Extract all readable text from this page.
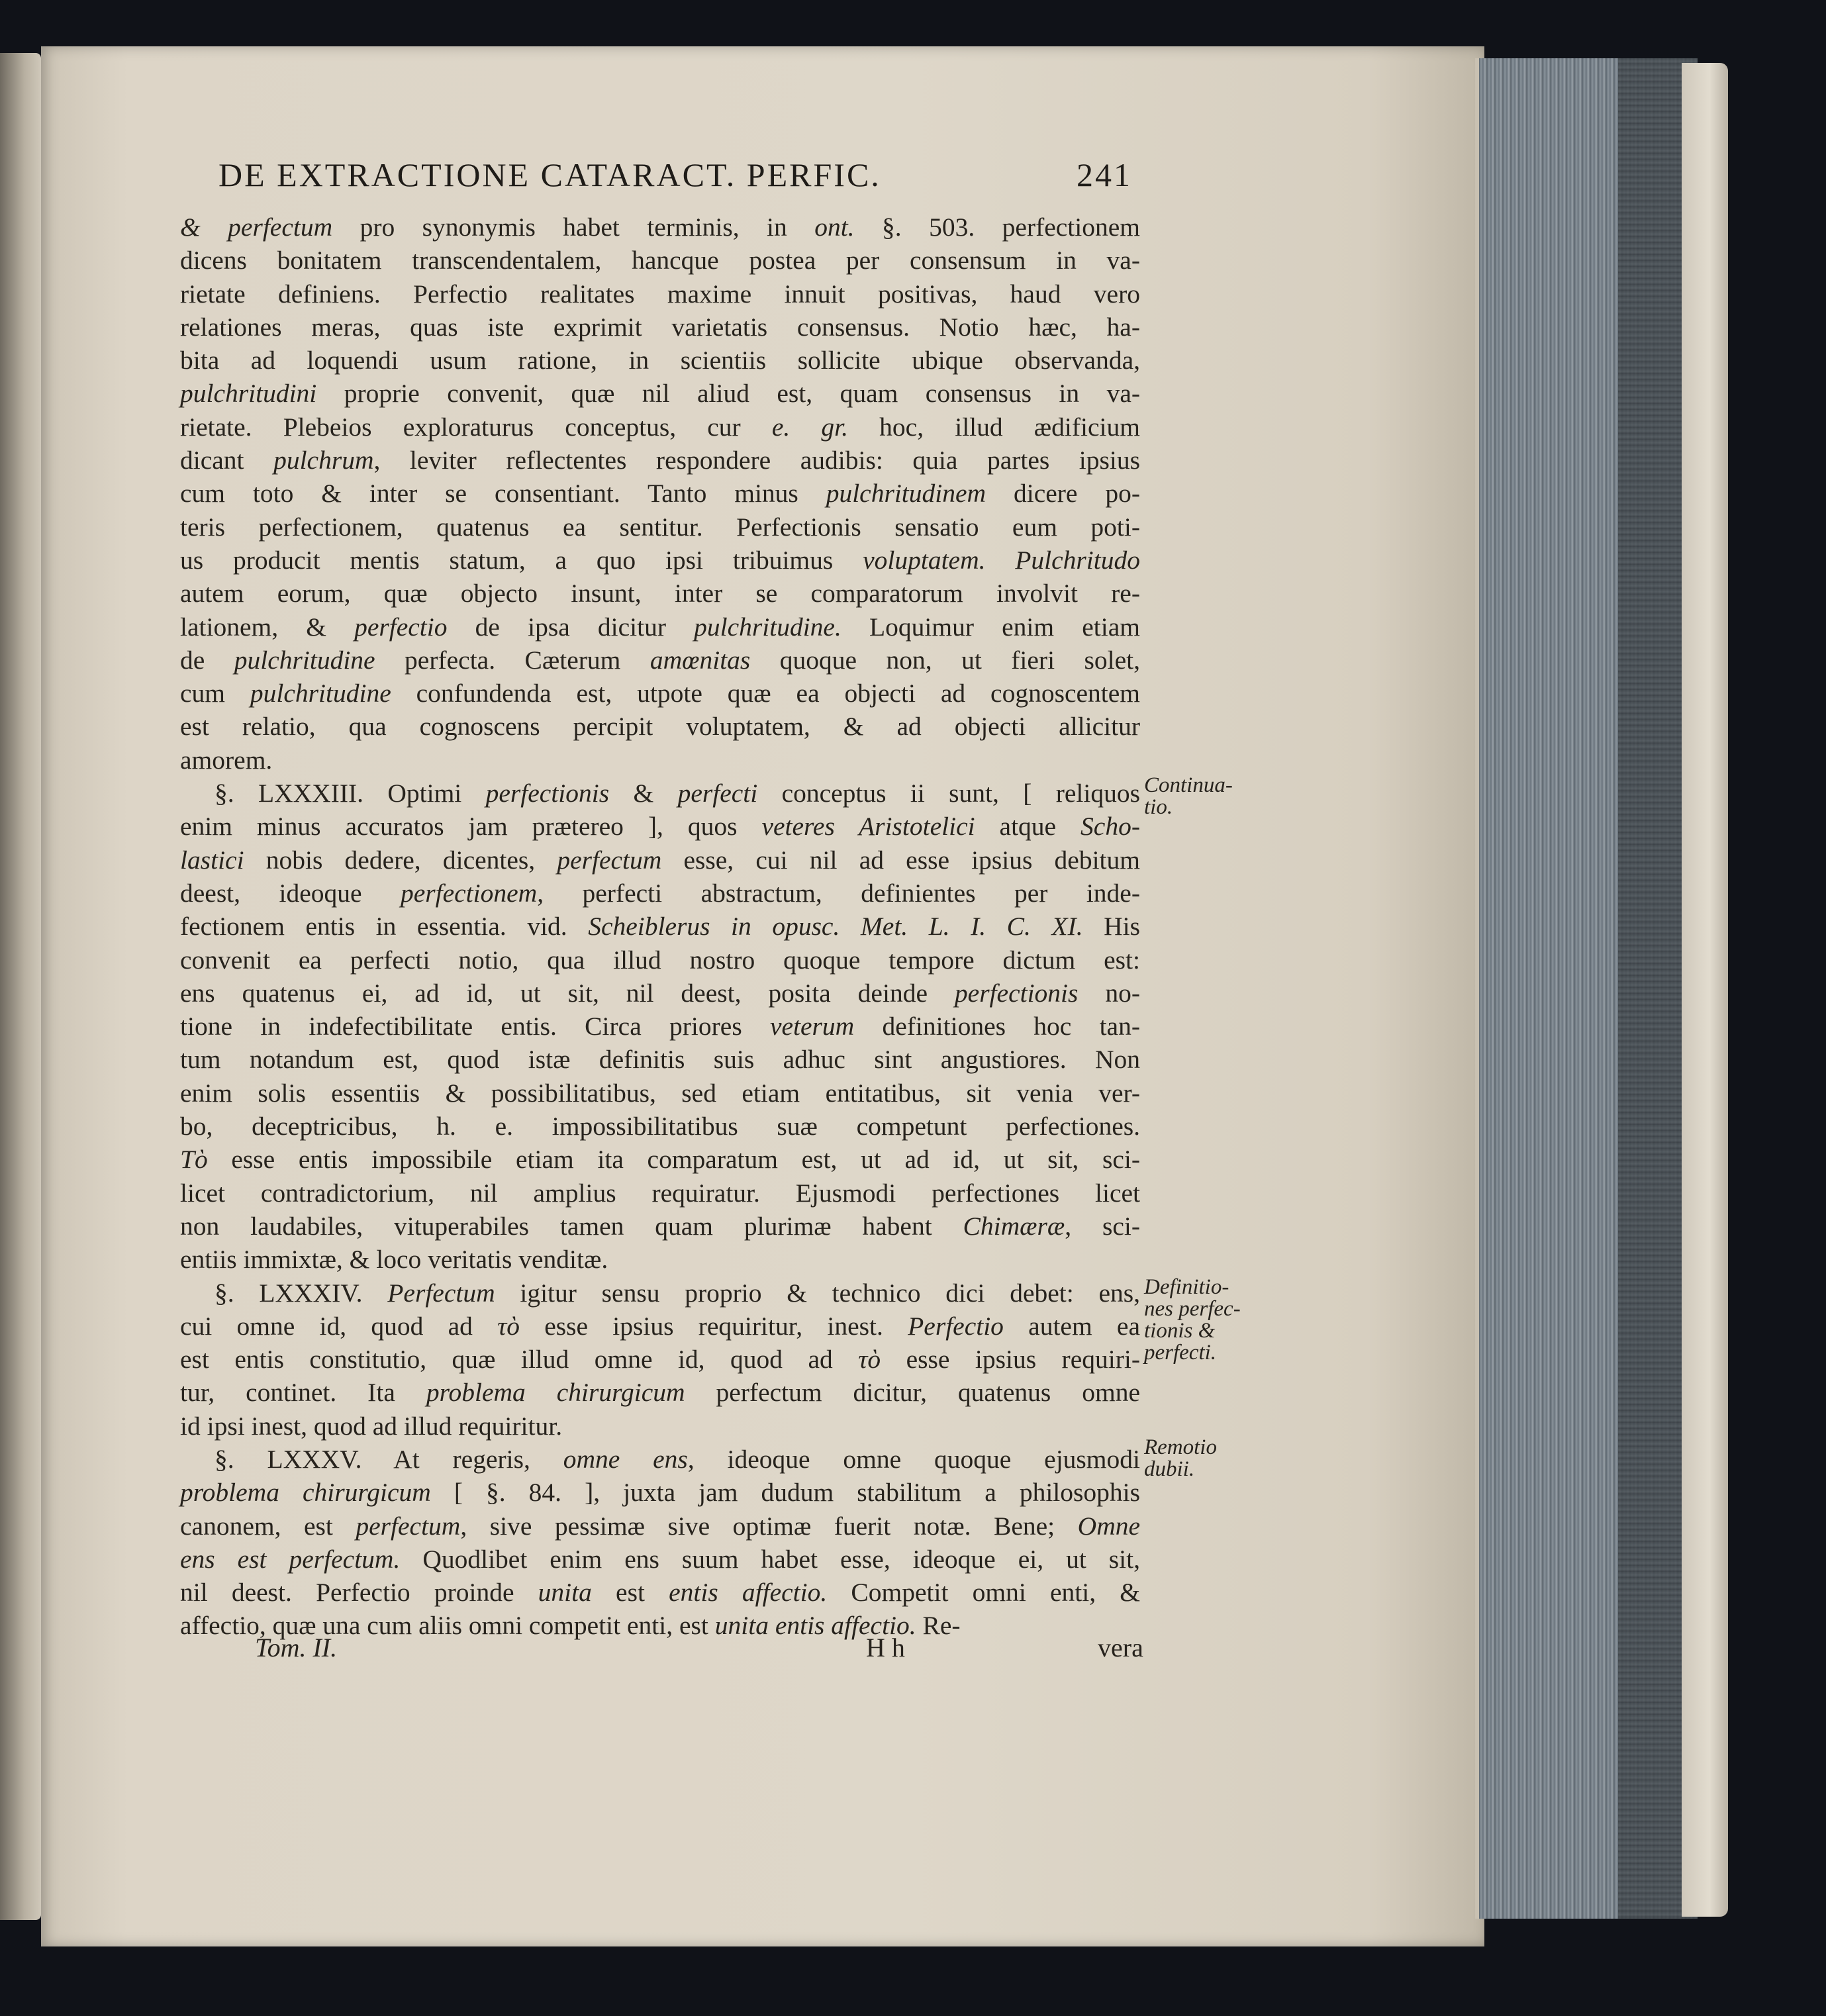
DE EXTRACTIONE CATARACT. PERFIC.	241
& perfectum pro synonymis habet terminis, in ont. §. 503. perfectionem
dicens bonitatem transcendentalem, hancque postea per consensum in va-
rietate definiens. Perfectio realitates maxime innuit positivas, haud vero
relationes meras, quas iste exprimit varietatis consensus. Notio hæc, ha-
bita ad loquendi usum ratione, in scientiis sollicite ubique observanda,
pulchritudini proprie convenit, quæ nil aliud est, quam consensus in va-
rietate. Plebeios exploraturus conceptus, cur e. gr. hoc, illud ædificium
dicant pulchrum, leviter reflectentes respondere audibis: quia partes ipsius
cum toto & inter se consentiant. Tanto minus pulchritudinem dicere po-
teris perfectionem, quatenus ea sentitur. Perfectionis sensatio eum poti-
us producit mentis statum, a quo ipsi tribuimus voluptatem. Pulchritudo
autem eorum, quæ objecto insunt, inter se comparatorum involvit re-
lationem, & perfectio de ipsa dicitur pulchritudine. Loquimur enim etiam
de pulchritudine perfecta. Cæterum amœnitas quoque non, ut fieri solet,
cum pulchritudine confundenda est, utpote quæ ea objecti ad cognoscentem
est relatio, qua cognoscens percipit voluptatem, & ad objecti allicitur
amorem.
§. LXXXIII. Optimi perfectionis & perfecti conceptus ii sunt, [ reliquos
enim minus accuratos jam prætereo ], quos veteres Aristotelici atque Scho-
lastici nobis dedere, dicentes, perfectum esse, cui nil ad esse ipsius debitum
deest, ideoque perfectionem, perfecti abstractum, definientes per inde-
fectionem entis in essentia. vid. Scheiblerus in opusc. Met. L. I. C. XI. His
convenit ea perfecti notio, qua illud nostro quoque tempore dictum est:
ens quatenus ei, ad id, ut sit, nil deest, posita deinde perfectionis no-
tione in indefectibilitate entis. Circa priores veterum definitiones hoc tan-
tum notandum est, quod istæ definitis suis adhuc sint angustiores. Non
enim solis essentiis & possibilitatibus, sed etiam entitatibus, sit venia ver-
bo, deceptricibus, h. e. impossibilitatibus suæ competunt perfectiones.
Τὸ esse entis impossibile etiam ita comparatum est, ut ad id, ut sit, sci-
licet contradictorium, nil amplius requiratur. Ejusmodi perfectiones licet
non laudabiles, vituperabiles tamen quam plurimæ habent Chimæræ, sci-
entiis immixtæ, & loco veritatis venditæ.
§. LXXXIV. Perfectum igitur sensu proprio & technico dici debet: ens,
cui omne id, quod ad τὸ esse ipsius requiritur, inest. Perfectio autem ea
est entis constitutio, quæ illud omne id, quod ad τὸ esse ipsius requiri-
tur, continet. Ita problema chirurgicum perfectum dicitur, quatenus omne
id ipsi inest, quod ad illud requiritur.
§. LXXXV. At regeris, omne ens, ideoque omne quoque ejusmodi
problema chirurgicum [ §. 84. ], juxta jam dudum stabilitum a philosophis
canonem, est perfectum, sive pessimæ sive optimæ fuerit notæ. Bene; Omne
ens est perfectum. Quodlibet enim ens suum habet esse, ideoque ei, ut sit,
nil deest. Perfectio proinde unita est entis affectio. Competit omni enti, &
affectio, quæ una cum aliis omni competit enti, est unita entis affectio. Re-
Continua-
tio.
Definitio-
nes perfec-
tionis &
perfecti.
Remotio
dubii.
Tom. II.	H h	vera
